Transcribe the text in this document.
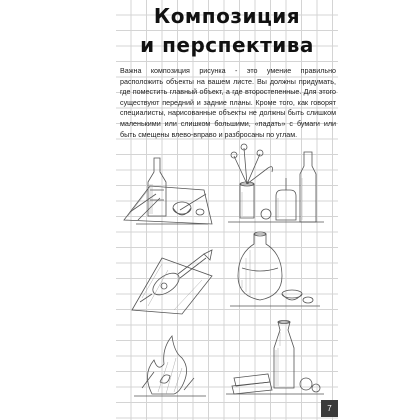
Композиция
и перспектива

Важна композиция рисунка - это умение правильно расположить объекты на вашем листе. Вы должны придумать, где поместить главный объект, а где второстепенные. Для этого существуют передний и задние планы. Кроме того, как говорят специалисты, нарисованные объекты не должны быть слишком маленькими или слишком большими, «падать» с бумаги или быть смещены влево-вправо и разбросаны по углам.

7
